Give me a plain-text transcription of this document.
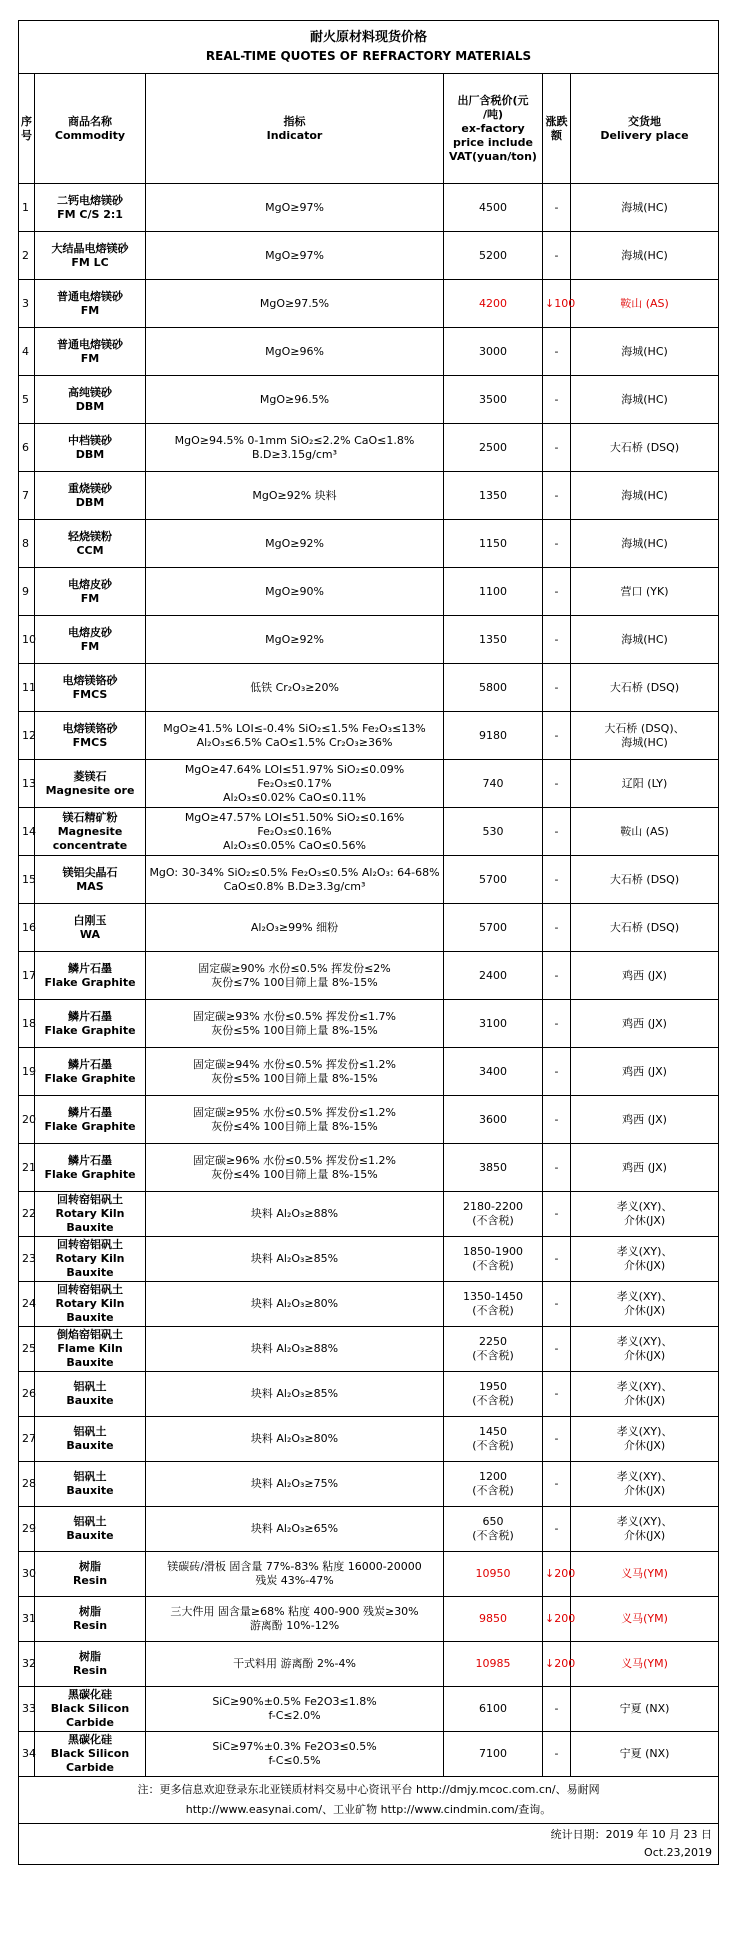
耐火原材料现货价格
REAL-TIME QUOTES OF REFRACTORY MATERIALS					

序
号	商品名称
Commodity	指标
Indicator	出厂含税价(元
/吨)
ex-factory
price include
VAT(yuan/ton)	涨跌
额	交货地
Delivery place

1	二钙电熔镁砂
FM C/S 2:1	MgO≥97%	4500	-	海城(HC)

2	大结晶电熔镁砂
FM LC	MgO≥97%	5200	-	海城(HC)

3	普通电熔镁砂
FM	MgO≥97.5%	4200	↓100	鞍山 (AS)

4	普通电熔镁砂
FM	MgO≥96%	3000	-	海城(HC)

5	高纯镁砂
DBM	MgO≥96.5%	3500	-	海城(HC)

6	中档镁砂
DBM	MgO≥94.5% 0-1mm SiO₂≤2.2% CaO≤1.8%
B.D≥3.15g/cm³	2500	-	大石桥 (DSQ)

7	重烧镁砂
DBM	MgO≥92% 块料	1350	-	海城(HC)

8	轻烧镁粉
CCM	MgO≥92%	1150	-	海城(HC)

9	电熔皮砂
FM	MgO≥90%	1100	-	营口 (YK)

10	电熔皮砂
FM	MgO≥92%	1350	-	海城(HC)

11	电熔镁铬砂
FMCS	低铁 Cr₂O₃≥20%	5800	-	大石桥 (DSQ)

12	电熔镁铬砂
FMCS	MgO≥41.5% LOI≤-0.4% SiO₂≤1.5% Fe₂O₃≤13%
Al₂O₃≤6.5% CaO≤1.5% Cr₂O₃≥36%	9180	-	大石桥 (DSQ)、
海城(HC)

13	菱镁石
Magnesite ore	MgO≥47.64% LOI≤51.97% SiO₂≤0.09% Fe₂O₃≤0.17%
Al₂O₃≤0.02% CaO≤0.11%	740	-	辽阳 (LY)

14	镁石精矿粉
Magnesite concentrate	MgO≥47.57% LOI≤51.50% SiO₂≤0.16% Fe₂O₃≤0.16%
Al₂O₃≤0.05% CaO≤0.56%	530	-	鞍山 (AS)

15	镁铝尖晶石
MAS	MgO: 30-34% SiO₂≤0.5% Fe₂O₃≤0.5% Al₂O₃: 64-68%
CaO≤0.8% B.D≥3.3g/cm³	5700	-	大石桥 (DSQ)

16	白刚玉
WA	Al₂O₃≥99% 细粉	5700	-	大石桥 (DSQ)

17	鳞片石墨
Flake Graphite	固定碳≥90% 水份≤0.5% 挥发份≤2%
灰份≤7% 100目筛上量 8%-15%	2400	-	鸡西 (JX)

18	鳞片石墨
Flake Graphite	固定碳≥93% 水份≤0.5% 挥发份≤1.7%
灰份≤5% 100目筛上量 8%-15%	3100	-	鸡西 (JX)

19	鳞片石墨
Flake Graphite	固定碳≥94% 水份≤0.5% 挥发份≤1.2%
灰份≤5% 100目筛上量 8%-15%	3400	-	鸡西 (JX)

20	鳞片石墨
Flake Graphite	固定碳≥95% 水份≤0.5% 挥发份≤1.2%
灰份≤4% 100目筛上量 8%-15%	3600	-	鸡西 (JX)

21	鳞片石墨
Flake Graphite	固定碳≥96% 水份≤0.5% 挥发份≤1.2%
灰份≤4% 100目筛上量 8%-15%	3850	-	鸡西 (JX)

22	回转窑铝矾土
Rotary Kiln Bauxite	块料 Al₂O₃≥88%	2180-2200
(不含税)	-	孝义(XY)、
介休(JX)

23	回转窑铝矾土
Rotary Kiln Bauxite	块料 Al₂O₃≥85%	1850-1900
(不含税)	-	孝义(XY)、
介休(JX)

24	回转窑铝矾土
Rotary Kiln Bauxite	块料 Al₂O₃≥80%	1350-1450
(不含税)	-	孝义(XY)、
介休(JX)

25	倒焰窑铝矾土
Flame Kiln Bauxite	块料 Al₂O₃≥88%	2250
(不含税)	-	孝义(XY)、
介休(JX)

26	铝矾土
Bauxite	块料 Al₂O₃≥85%	1950
(不含税)	-	孝义(XY)、
介休(JX)

27	铝矾土
Bauxite	块料 Al₂O₃≥80%	1450
(不含税)	-	孝义(XY)、
介休(JX)

28	铝矾土
Bauxite	块料 Al₂O₃≥75%	1200
(不含税)	-	孝义(XY)、
介休(JX)

29	铝矾土
Bauxite	块料 Al₂O₃≥65%	650
(不含税)	-	孝义(XY)、
介休(JX)

30	树脂
Resin	镁碳砖/滑板 固含量 77%-83% 粘度 16000-20000
残炭 43%-47%	10950	↓200	义马(YM)

31	树脂
Resin	三大件用 固含量≥68% 粘度 400-900 残炭≥30%
游离酚 10%-12%	9850	↓200	义马(YM)

32	树脂
Resin	干式料用 游离酚 2%-4%	10985	↓200	义马(YM)

33	黑碳化硅
Black Silicon Carbide	SiC≥90%±0.5% Fe2O3≤1.8%
f-C≤2.0%	6100	-	宁夏 (NX)

34	黑碳化硅
Black Silicon Carbide	SiC≥97%±0.3% Fe2O3≤0.5%
f-C≤0.5%	7100	-	宁夏 (NX)

注：更多信息欢迎登录东北亚镁质材料交易中心资讯平台 http://dmjy.mcoc.com.cn/、易耐网
http://www.easynai.com/、工业矿物 http://www.cindmin.com/查询。					

统计日期：2019 年 10 月 23 日
Oct.23,2019					
